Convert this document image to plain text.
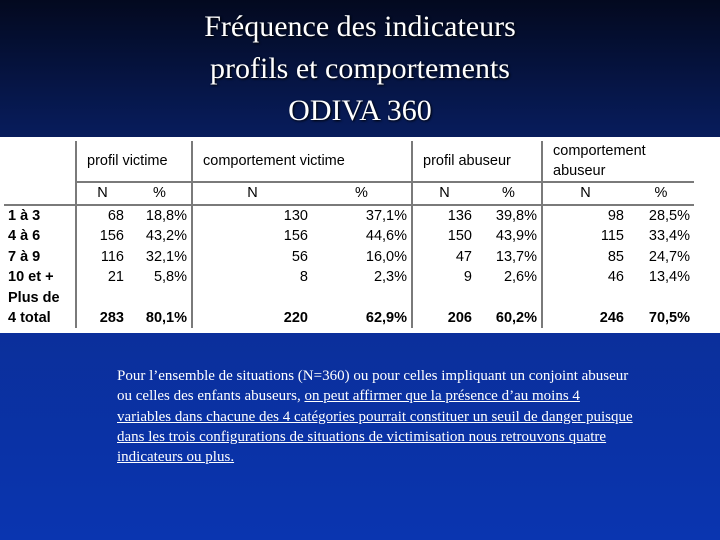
Fréquence des indicateurs
profils et comportements
ODIVA 360
	profil victime		comportement victime		profil abuseur		comportement abuseur	
	N	%	N	%	N	%	N	%
1 à 3	68	18,8%	130	37,1%	136	39,8%	98	28,5%
4 à 6	156	43,2%	156	44,6%	150	43,9%	115	33,4%
7 à 9	116	32,1%	56	16,0%	47	13,7%	85	24,7%
10 et +	21	5,8%	8	2,3%	9	2,6%	46	13,4%

Plus de
4 total	283	80,1%	220	62,9%	206	60,2%	246	70,5%
Pour l’ensemble de situations (N=360) ou pour celles impliquant un conjoint abuseur ou celles des enfants abuseurs, on peut affirmer que la présence d’au moins 4 variables dans chacune des 4 catégories pourrait constituer un seuil de danger puisque dans les trois configurations de situations de victimisation nous retrouvons quatre indicateurs ou plus.
